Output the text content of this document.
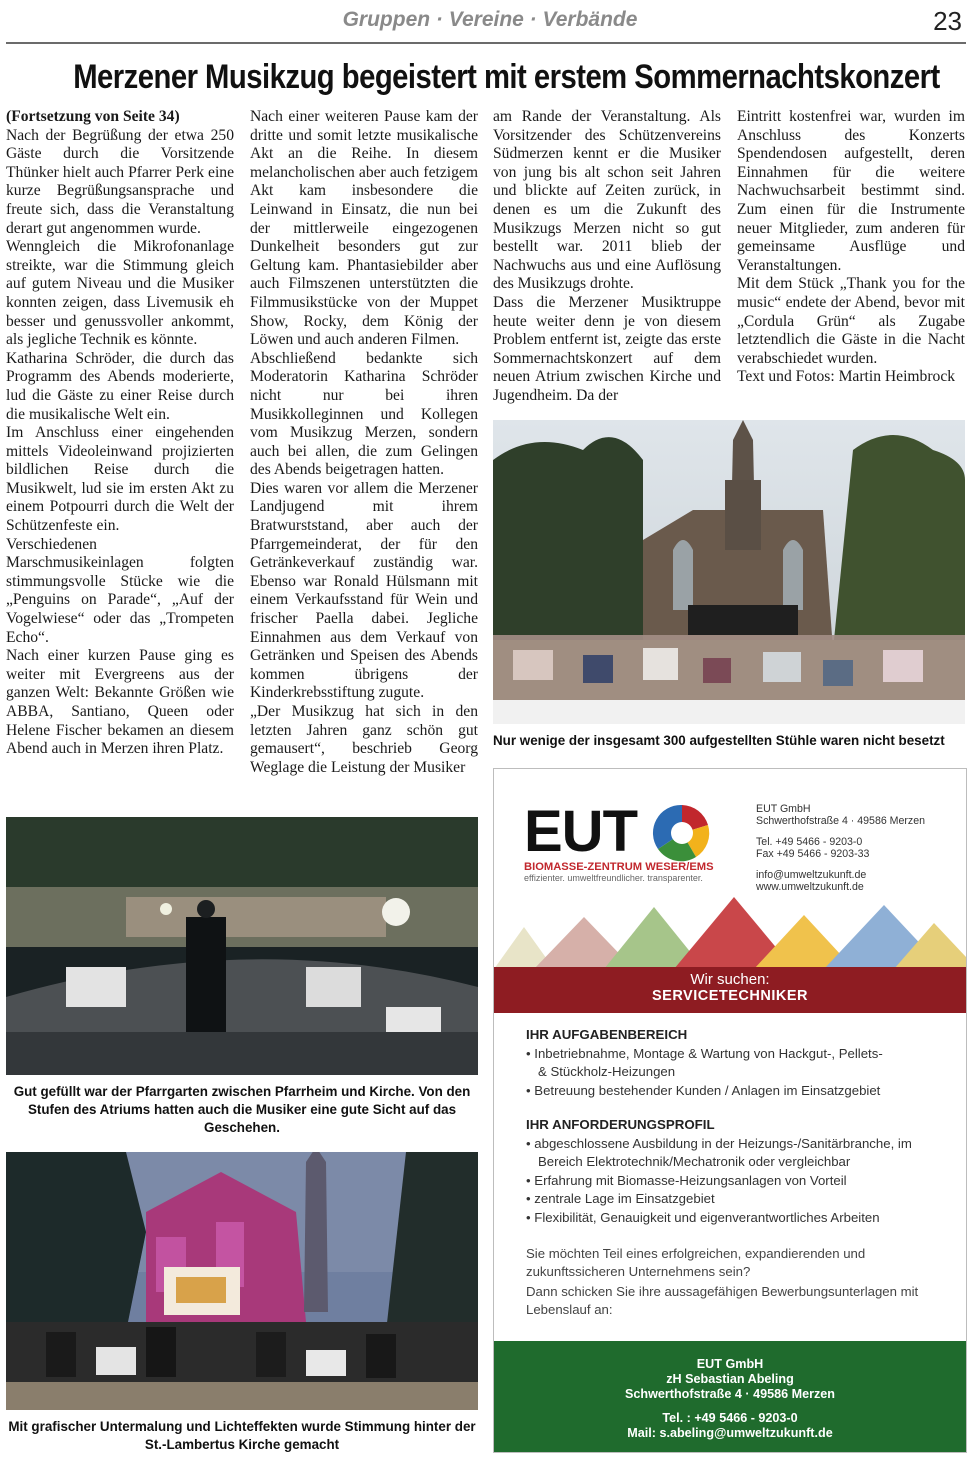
Gruppen · Vereine · Verbände	23
Merzener Musikzug begeistert mit erstem Sommernachtskonzert

(Fortsetzung von Seite 34)

Nach der Begrüßung der etwa 250 Gäste durch die Vorsitzende Thünker hielt auch Pfarrer Perk eine kurze Begrüßungsansprache und freute sich, dass die Veranstaltung derart gut angenommen wurde.

Wenngleich die Mikrofonanlage streikte, war die Stimmung gleich auf gutem Niveau und die Musiker konnten zeigen, dass Livemusik eh besser und genussvoller ankommt, als jegliche Technik es könnte.

Katharina Schröder, die durch das Programm des Abends moderierte, lud die Gäste zu einer Reise durch die musikalische Welt ein.

Im Anschluss einer eingehenden mittels Videoleinwand projizierten bildlichen Reise durch die Musikwelt, lud sie im ersten Akt zu einem Potpourri durch die Welt der Schützenfeste ein.

Verschiedenen Marschmusikeinlagen folgten stimmungsvolle Stücke wie die „Penguins on Parade“, „Auf der Vogelwiese“ oder das „Trompeten Echo“.

Nach einer kurzen Pause ging es weiter mit Evergreens aus der ganzen Welt: Bekannte Größen wie ABBA, Santiano, Queen oder Helene Fischer bekamen an diesem Abend auch in Merzen ihren Platz.

Nach einer weiteren Pause kam der dritte und somit letzte musikalische Akt an die Reihe. In diesem melancholischen aber auch fetzigem Akt kam insbesondere die Leinwand in Einsatz, die nun bei der mittlerweile eingezogenen Dunkelheit besonders gut zur Geltung kam. Phantasiebilder aber auch Filmszenen unterstützten die Filmmusikstücke von der Muppet Show, Rocky, dem König der Löwen und auch anderen Filmen.

Abschließend bedankte sich Moderatorin Katharina Schröder nicht nur bei ihren Musikkolleginnen und Kollegen vom Musikzug Merzen, sondern auch bei allen, die zum Gelingen des Abends beigetragen hatten.

Dies waren vor allem die Merzener Landjugend mit ihrem Bratwurststand, aber auch der Pfarrgemeinderat, der für den Getränkeverkauf zuständig war. Ebenso war Ronald Hülsmann mit einem Verkaufsstand für Wein und frischer Paella dabei. Jegliche Einnahmen aus dem Verkauf von Getränken und Speisen des Abends kommen übrigens der Kinderkrebsstiftung zugute.

„Der Musikzug hat sich in den letzten Jahren ganz schön gut gemausert“, beschrieb Georg Weglage die Leistung der Musiker

am Rande der Veranstaltung. Als Vorsitzender des Schützenvereins Südmerzen kennt er die Musiker von jung bis alt schon seit Jahren und blickte auf Zeiten zurück, in denen es um die Zukunft des Musikzugs Merzen nicht so gut bestellt war. 2011 blieb der Nachwuchs aus und eine Auflösung des Musikzugs drohte.

Dass die Merzener Musiktruppe heute weiter denn je von diesem Problem entfernt ist, zeigte das erste Sommernachtskonzert auf dem neuen Atrium zwischen Kirche und Jugendheim. Da der

Eintritt kostenfrei war, wurden im Anschluss des Konzerts Spendendosen aufgestellt, deren Einnahmen für die weitere Nachwuchsarbeit bestimmt sind. Zum einen für die Instrumente neuer Mitglieder, zum anderen für gemeinsame Ausflüge und Veranstaltungen.

Mit dem Stück „Thank you for the music“ endete der Abend, bevor mit „Cordula Grün“ als Zugabe letztendlich die Gäste in die Nacht verabschiedet wurden.

Text und Fotos: Martin Heimbrock

Nur wenige der insgesamt 300 aufgestellten Stühle waren nicht besetzt
Gut gefüllt war der Pfarrgarten zwischen Pfarrheim und Kirche. Von den Stufen des Atriums hatten auch die Musiker eine gute Sicht auf das Geschehen.
Mit grafischer Untermalung und Lichteffekten wurde Stimmung hinter der St.-Lambertus Kirche gemacht
EUT
BIOMASSE-ZENTRUM WESER/EMS
effizienter. umweltfreundlicher. transparenter.
EUT GmbH
Schwerthofstraße 4 · 49586 Merzen
Tel. +49 5466 - 9203-0
Fax +49 5466 - 9203-33
info@umweltzukunft.de
www.umweltzukunft.de
Wir suchen:
SERVICETECHNIKER
IHR AUFGABENBEREICH
• Inbetriebnahme, Montage & Wartung von Hackgut-, Pellets- & Stückholz-Heizungen
• Betreuung bestehender Kunden / Anlagen im Einsatzgebiet
IHR ANFORDERUNGSPROFIL
• abgeschlossene Ausbildung in der Heizungs-/Sanitärbranche, im Bereich Elektrotechnik/Mechatronik oder vergleichbar
• Erfahrung mit Biomasse-Heizungsanlagen von Vorteil
• zentrale Lage im Einsatzgebiet
• Flexibilität, Genauigkeit und eigenverantwortliches Arbeiten
Sie möchten Teil eines erfolgreichen, expandierenden und zukunftssicheren Unternehmens sein?
Dann schicken Sie ihre aussagefähigen Bewerbungsunterlagen mit Lebenslauf an:
EUT GmbH
zH Sebastian Abeling
Schwerthofstraße 4 · 49586 Merzen
Tel. : +49 5466 - 9203-0
Mail: s.abeling@umweltzukunft.de
